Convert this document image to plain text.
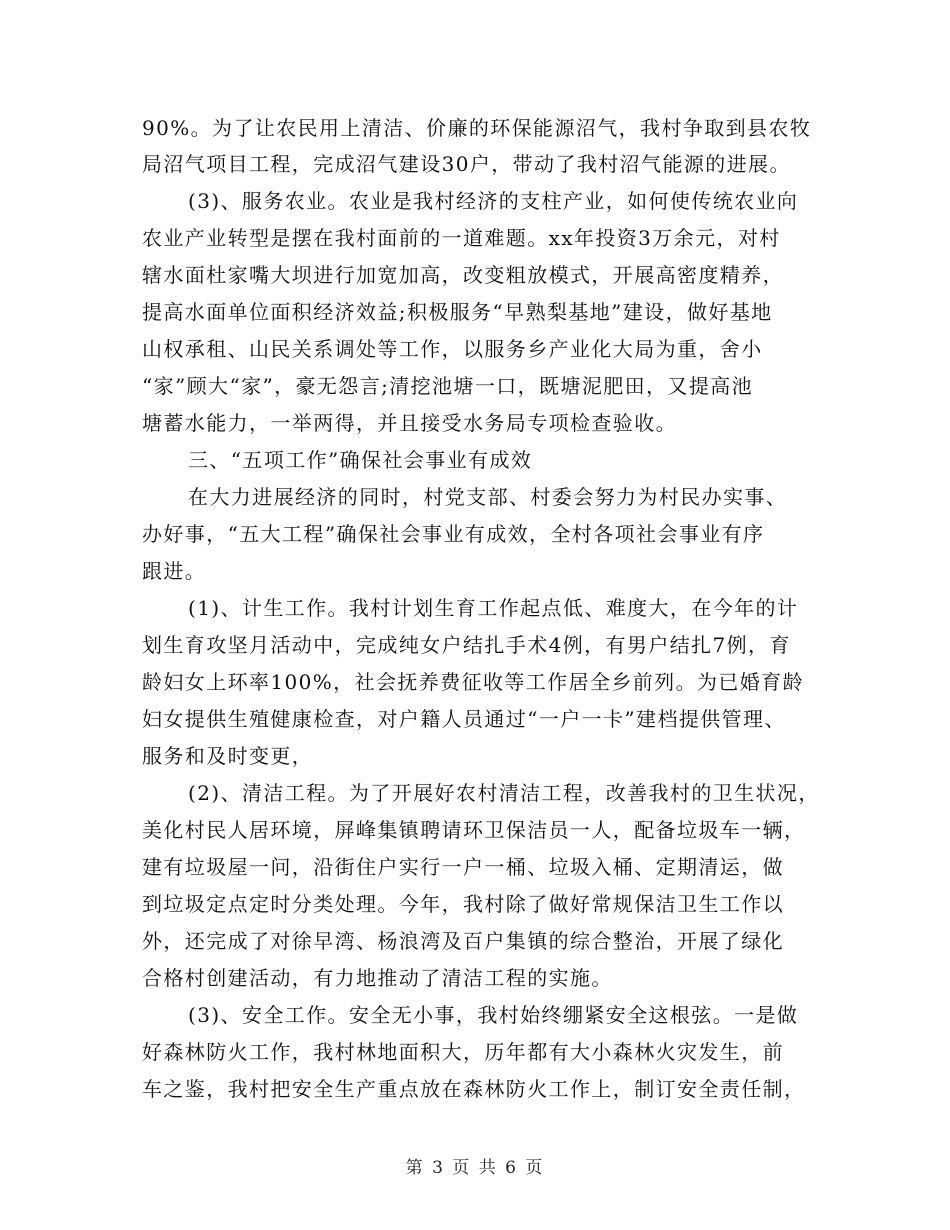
90%。为了让农民用上清洁、价廉的环保能源沼气，我村争取到县农牧
局沼气项目工程，完成沼气建设30户，带动了我村沼气能源的进展。
(3)、服务农业。农业是我村经济的支柱产业，如何使传统农业向
农业产业转型是摆在我村面前的一道难题。xx年投资3万余元，对村
辖水面杜家嘴大坝进行加宽加高，改变粗放模式，开展高密度精养，
提高水面单位面积经济效益;积极服务“早熟梨基地”建设，做好基地
山权承租、山民关系调处等工作，以服务乡产业化大局为重，舍小
“家”顾大“家”，豪无怨言;清挖池塘一口，既塘泥肥田，又提高池
塘蓄水能力，一举两得，并且接受水务局专项检查验收。
三、“五项工作”确保社会事业有成效
在大力进展经济的同时，村党支部、村委会努力为村民办实事、
办好事，“五大工程”确保社会事业有成效，全村各项社会事业有序
跟进。
(1)、计生工作。我村计划生育工作起点低、难度大，在今年的计
划生育攻坚月活动中，完成纯女户结扎手术4例，有男户结扎7例，育
龄妇女上环率100%，社会抚养费征收等工作居全乡前列。为已婚育龄
妇女提供生殖健康检查，对户籍人员通过“一户一卡”建档提供管理、
服务和及时变更，
(2)、清洁工程。为了开展好农村清洁工程，改善我村的卫生状况，
美化村民人居环境，屏峰集镇聘请环卫保洁员一人，配备垃圾车一辆，
建有垃圾屋一问，沿街住户实行一户一桶、垃圾入桶、定期清运，做
到垃圾定点定时分类处理。今年，我村除了做好常规保洁卫生工作以
外，还完成了对徐早湾、杨浪湾及百户集镇的综合整治，开展了绿化
合格村创建活动，有力地推动了清洁工程的实施。
(3)、安全工作。安全无小事，我村始终绷紧安全这根弦。一是做
好森林防火工作，我村林地面积大，历年都有大小森林火灾发生，前
车之鉴，我村把安全生产重点放在森林防火工作上，制订安全责任制，
第 3 页 共 6 页
